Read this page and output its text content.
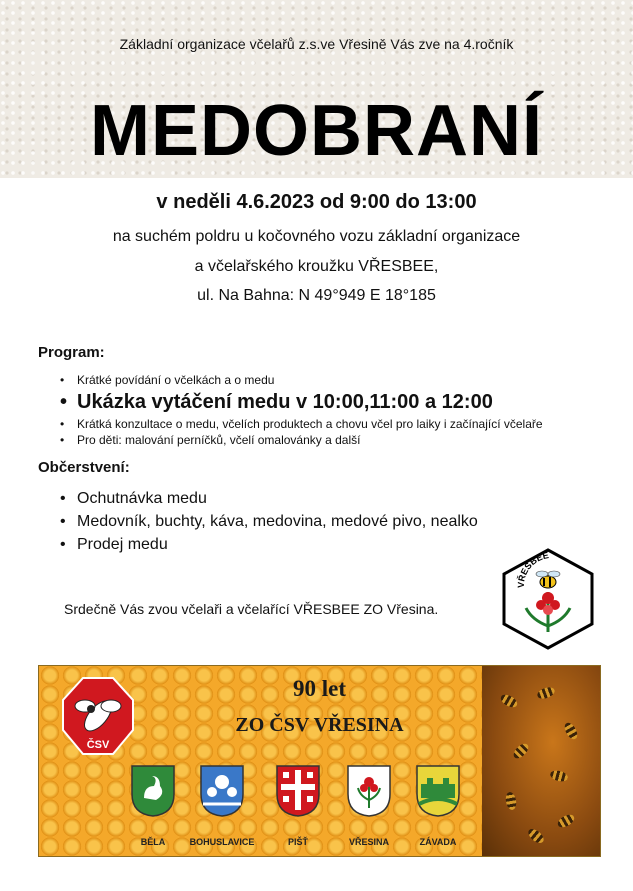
Základní organizace včelařů z.s.ve Vřesině Vás zve na 4.ročník
MEDOBRANÍ
v neděli 4.6.2023 od 9:00 do 13:00
na suchém poldru u kočovného vozu základní organizace
a včelařského kroužku VŘESBEE,
ul. Na Bahna: N 49°949 E 18°185
Program:
• Krátké povídání o včelkách a o medu
• Ukázka vytáčení medu v 10:00,11:00 a 12:00
• Krátká konzultace o medu, včelích produktech a chovu včel pro laiky i začínající včelaře
• Pro děti: malování perníčků, včelí omalovánky a další
Občerstvení:
• Ochutnávka medu
• Medovník, buchty, káva, medovina, medové pivo, nealko
• Prodej medu
Srdečně Vás zvou včelaři a včelařící VŘESBEE ZO Vřesina.
VŘESBEE
ČSV
90 let
ZO ČSV VŘESINA
BĚLA	BOHUSLAVICE	PIŠŤ	VŘESINA	ZÁVADA
